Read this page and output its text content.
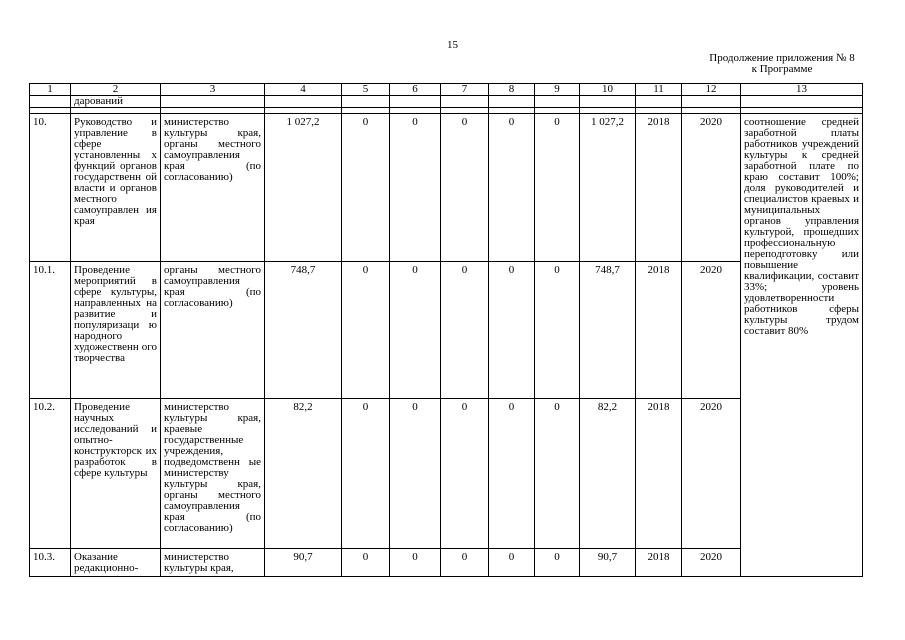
15
Продолжение приложения № 8
к Программе
1	2	3	4	5	6	7	8	9	10	11	12	13
	дарований											

10.	Руководство и управление в сфере установленны х функций органов государственн ой власти и органов местного самоуправлен ия края	министерство культуры края, органы местного самоуправления края (по согласованию)	1 027,2	0	0	0	0	0	1 027,2	2018	2020	соотношение средней заработной платы работников учреждений культуры к средней заработной плате по краю составит 100%; доля руководителей и специалистов краевых и муниципальных органов управления культурой, прошедших профессиональную переподготовку или повышение квалификации, составит 33%; уровень удовлетворенности работников сферы культуры трудом составит 80%
10.1.	Проведение мероприятий в сфере культуры, направленных на развитие и популяризаци ю народного художественн ого творчества	органы местного самоуправления края (по согласованию)	748,7	0	0	0	0	0	748,7	2018	2020	
10.2.	Проведение научных исследований и опытно-конструкторск их разработок в сфере культуры	министерство культуры края, краевые государственные учреждения, подведомственн ые министерству культуры края, органы местного самоуправления края (по согласованию)	82,2	0	0	0	0	0	82,2	2018	2020	
10.3.	Оказание редакционно-	министерство культуры края,	90,7	0	0	0	0	0	90,7	2018	2020	
